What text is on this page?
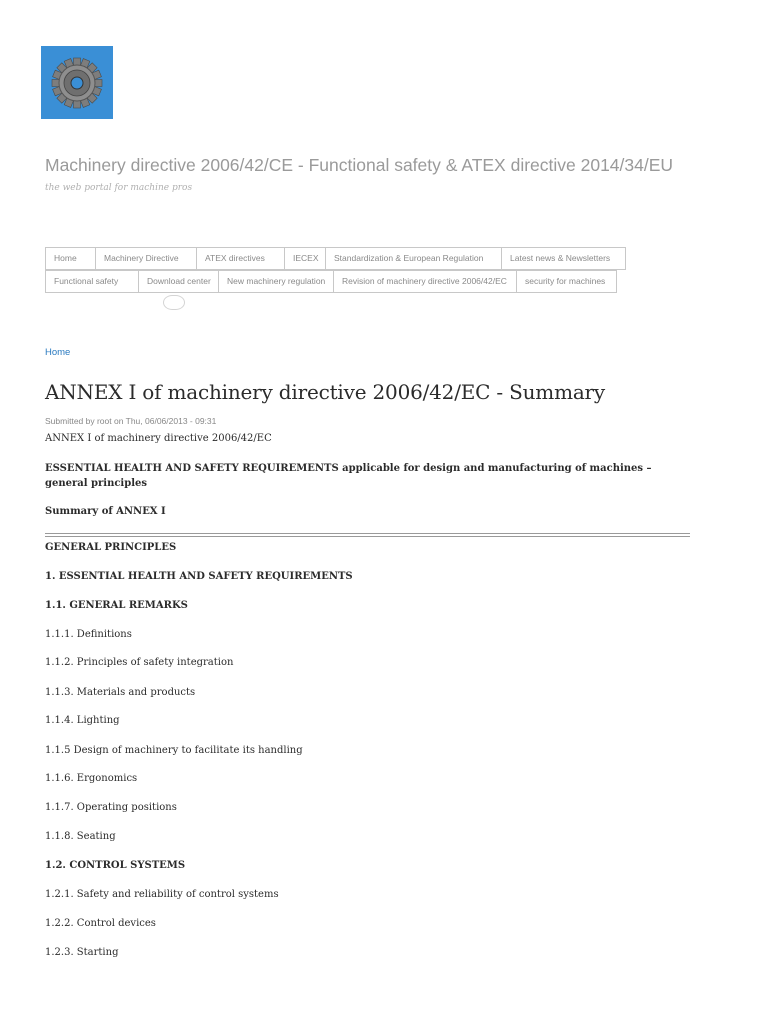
Machinery directive 2006/42/CE - Functional safety & ATEX directive 2014/34/EU

the web portal for machine pros

Home	Machinery Directive	ATEX directives	IECEX	Standardization & European Regulation	Latest news & Newsletters
Functional safety	Download center	New machinery regulation	Revision of machinery directive 2006/42/EC	security for machines
Home
ANNEX I of machinery directive 2006/42/EC - Summary
Submitted by root on Thu, 06/06/2013 - 09:31

ANNEX I of machinery directive 2006/42/EC

ESSENTIAL HEALTH AND SAFETY REQUIREMENTS applicable for design and manufacturing of machines – general principles

Summary of ANNEX I

GENERAL PRINCIPLES

1. ESSENTIAL HEALTH AND SAFETY REQUIREMENTS

1.1. GENERAL REMARKS

1.1.1. Definitions

1.1.2. Principles of safety integration

1.1.3. Materials and products

1.1.4. Lighting

1.1.5 Design of machinery to facilitate its handling

1.1.6. Ergonomics

1.1.7. Operating positions

1.1.8. Seating

1.2. CONTROL SYSTEMS

1.2.1. Safety and reliability of control systems

1.2.2. Control devices

1.2.3. Starting
